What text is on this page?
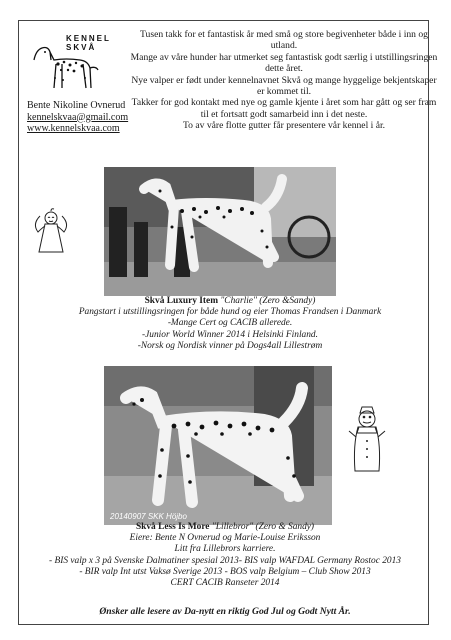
KENNEL SKVÅ
Bente Nikoline Ovnerud
kennelskvaa@gmail.com
www.kennelskvaa.com

Tusen takk for et fantastisk år med små og store begivenheter både i inn og utland.

Mange av våre hunder har utmerket seg fantastisk godt særlig i utstillingsringen dette året.

Nye valper er født under kennelnavnet Skvå og mange hyggelige bekjentskaper er kommet til.

Takker for god kontakt med nye og gamle kjente i året som har gått og ser fram til et fortsatt godt samarbeid inn i det neste.

To av våre flotte gutter får presentere vår kennel i år.

Skvå Luxury Item "Charlie" (Zero &Sandy)
Pangstart i utstillingsringen for både hund og eier Thomas Frandsen i Danmark
-Mange Cert og CACIB allerede.
-Junior World Winner 2014 i Helsinki Finland.
-Norsk og Nordisk vinner på Dogs4all Lillestrøm
20140907 SKK Höjbo
Skvå Less Is More "Lillebror" (Zero & Sandy)
Eiere: Bente N Ovnerud og Marie-Louise Eriksson
Litt fra Lillebrors karriere.
- BIS valp x 3 på Svenske Dalmatiner spesial 2013- BIS valp WAFDAL Germany Rostoc 2013
- BIR valp Int utst Vaksø Sverige 2013 - BOS valp Belgium – Club Show 2013
CERT CACIB Ranseter 2014
Ønsker alle lesere av Da-nytt en riktig God Jul og Godt Nytt År.
